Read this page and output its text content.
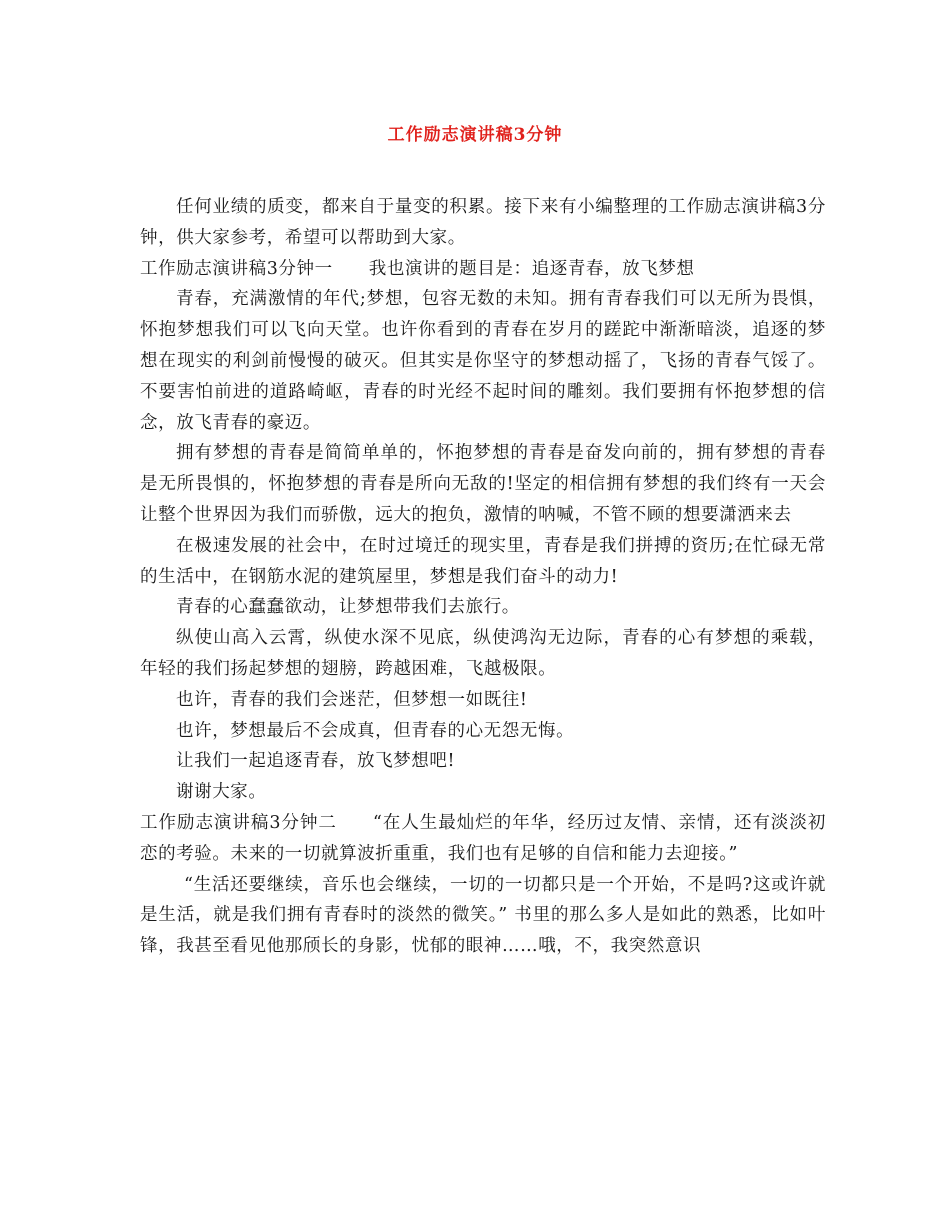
工作励志演讲稿3分钟

任何业绩的质变，都来自于量变的积累。接下来有小编整理的工作励志演讲稿3分钟，供大家参考，希望可以帮助到大家。

工作励志演讲稿3分钟一 我也演讲的题目是：追逐青春，放飞梦想

青春，充满激情的年代;梦想，包容无数的未知。拥有青春我们可以无所为畏惧，怀抱梦想我们可以飞向天堂。也许你看到的青春在岁月的蹉跎中渐渐暗淡，追逐的梦想在现实的利剑前慢慢的破灭。但其实是你坚守的梦想动摇了，飞扬的青春气馁了。不要害怕前进的道路崎岖，青春的时光经不起时间的雕刻。我们要拥有怀抱梦想的信念，放飞青春的豪迈。

拥有梦想的青春是简简单单的，怀抱梦想的青春是奋发向前的，拥有梦想的青春是无所畏惧的，怀抱梦想的青春是所向无敌的!坚定的相信拥有梦想的我们终有一天会让整个世界因为我们而骄傲，远大的抱负，激情的呐喊，不管不顾的想要潇洒来去

在极速发展的社会中，在时过境迁的现实里，青春是我们拼搏的资历;在忙碌无常的生活中，在钢筋水泥的建筑屋里，梦想是我们奋斗的动力!

青春的心蠢蠢欲动，让梦想带我们去旅行。

纵使山高入云霄，纵使水深不见底，纵使鸿沟无边际，青春的心有梦想的乘载，年轻的我们扬起梦想的翅膀，跨越困难，飞越极限。

也许，青春的我们会迷茫，但梦想一如既往!

也许，梦想最后不会成真，但青春的心无怨无悔。

让我们一起追逐青春，放飞梦想吧!

谢谢大家。

工作励志演讲稿3分钟二 “在人生最灿烂的年华，经历过友情、亲情，还有淡淡初恋的考验。未来的一切就算波折重重，我们也有足够的自信和能力去迎接。”

“生活还要继续，音乐也会继续，一切的一切都只是一个开始，不是吗?这或许就是生活，就是我们拥有青春时的淡然的微笑。” 书里的那么多人是如此的熟悉，比如叶锋，我甚至看见他那颀长的身影，忧郁的眼神……哦，不，我突然意识
